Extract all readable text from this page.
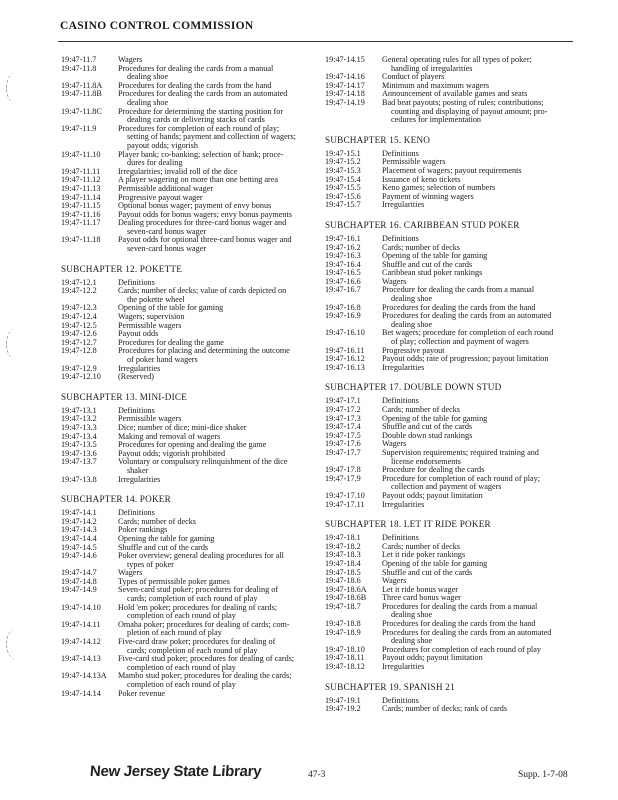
CASINO CONTROL COMMISSION
19:47-11.7	Wagers
19:47-11.8	Procedures for dealing the cards from a manual
dealing shoe
19:47-11.8A	Procedures for dealing the cards from the hand
19:47-11.8B	Procedures for dealing the cards from an automated
dealing shoe
19:47-11.8C	Procedure for determining the starting position for
dealing cards or delivering stacks of cards
19:47-11.9	Procedures for completion of each round of play;
setting of hands; payment and collection of wagers;
payout odds; vigorish
19:47-11.10	Player bank; co-banking; selection of bank; proce-
dures for dealing
19:47-11.11	Irregularities; invalid roll of the dice
19:47-11.12	A player wagering on more than one betting area
19:47-11.13	Permissible additional wager
19:47-11.14	Progressive payout wager
19:47-11.15	Optional bonus wager; payment of envy bonus
19:47-11.16	Payout odds for bonus wagers; envy bonus payments
19:47-11.17	Dealing procedures for three-card bonus wager and
seven-card bonus wager
19:47-11.18	Payout odds for optional three-card bonus wager and
seven-card bonus wager
SUBCHAPTER 12. POKETTE
19:47-12.1	Definitions
19:47-12.2	Cards; number of decks; value of cards depicted on
the pokette wheel
19:47-12.3	Opening of the table for gaming
19:47-12.4	Wagers; supervision
19:47-12.5	Permissible wagers
19:47-12.6	Payout odds
19:47-12.7	Procedures for dealing the game
19:47-12.8	Procedures for placing and determining the outcome
of poker hand wagers
19:47-12.9	Irregularities
19:47-12.10	(Reserved)
SUBCHAPTER 13. MINI-DICE
19:47-13.1	Definitions
19:47-13.2	Permissible wagers
19:47-13.3	Dice; number of dice; mini-dice shaker
19:47-13.4	Making and removal of wagers
19:47-13.5	Procedures for opening and dealing the game
19:47-13.6	Payout odds; vigorish prohibited
19:47-13.7	Voluntary or compulsory relinquishment of the dice
shaker
19:47-13.8	Irregularities
SUBCHAPTER 14. POKER
19:47-14.1	Definitions
19:47-14.2	Cards; number of decks
19:47-14.3	Poker rankings
19:47-14.4	Opening the table for gaming
19:47-14.5	Shuffle and cut of the cards
19:47-14.6	Poker overview; general dealing procedures for all
types of poker
19:47-14.7	Wagers
19:47-14.8	Types of permissible poker games
19:47-14.9	Seven-card stud poker; procedures for dealing of
cards; completion of each round of play
19:47-14.10	Hold 'em poker; procedures for dealing of cards;
completion of each round of play
19:47-14.11	Omaha poker; procedures for dealing of cards; com-
pletion of each round of play
19:47-14.12	Five-card draw poker; procedures for dealing of
cards; completion of each round of play
19:47-14.13	Five-card stud poker; procedures for dealing of cards;
completion of each round of play
19:47-14.13A	Mambo stud poker; procedures for dealing the cards;
completion of each round of play
19:47-14.14	Poker revenue
19:47-14.15	General operating rules for all types of poker;
handling of irregularities
19:47-14.16	Conduct of players
19:47-14.17	Minimum and maximum wagers
19:47-14.18	Announcement of available games and seats
19:47-14.19	Bad beat payouts; posting of rules; contributions;
counting and displaying of payout amount; pro-
cedures for implementation
SUBCHAPTER 15. KENO
19:47-15.1	Definitions
19:47-15.2	Permissible wagers
19:47-15.3	Placement of wagers; payout requirements
19:47-15.4	Issuance of keno tickets
19:47-15.5	Keno games; selection of numbers
19:47-15.6	Payment of winning wagers
19:47-15.7	Irregularities
SUBCHAPTER 16. CARIBBEAN STUD POKER
19:47-16.1	Definitions
19:47-16.2	Cards; number of decks
19:47-16.3	Opening of the table for gaming
19:47-16.4	Shuffle and cut of the cards
19:47-16.5	Caribbean stud poker rankings
19:47-16.6	Wagers
19:47-16.7	Procedure for dealing the cards from a manual
dealing shoe
19:47-16.8	Procedures for dealing the cards from the hand
19:47-16.9	Procedures for dealing the cards from an automated
dealing shoe
19:47-16.10	Bet wagers; procedure for completion of each round
of play; collection and payment of wagers
19:47-16.11	Progressive payout
19:47-16.12	Payout odds; rate of progression; payout limitation
19:47-16.13	Irregularities
SUBCHAPTER 17. DOUBLE DOWN STUD
19:47-17.1	Definitions
19:47-17.2	Cards; number of decks
19:47-17.3	Opening of the table for gaming
19:47-17.4	Shuffle and cut of the cards
19:47-17.5	Double down stud rankings
19:47-17.6	Wagers
19:47-17.7	Supervision requirements; required training and
license endorsements
19:47-17.8	Procedure for dealing the cards
19:47-17.9	Procedure for completion of each round of play;
collection and payment of wagers
19:47-17.10	Payout odds; payout limitation
19:47-17.11	Irregularities
SUBCHAPTER 18. LET IT RIDE POKER
19:47-18.1	Definitions
19:47-18.2	Cards; number of decks
19:47-18.3	Let it ride poker rankings
19:47-18.4	Opening of the table for gaming
19:47-18.5	Shuffle and cut of the cards
19:47-18.6	Wagers
19:47-18.6A	Let it ride bonus wager
19:47-18.6B	Three card bonus wager
19:47-18.7	Procedures for dealing the cards from a manual
dealing shoe
19:47-18.8	Procedures for dealing the cards from the hand
19:47-18.9	Procedures for dealing the cards from an automated
dealing shoe
19:47-18.10	Procedures for completion of each round of play
19:47-18.11	Payout odds; payout limitation
19:47-18.12	Irregularities
SUBCHAPTER 19. SPANISH 21
19:47-19.1	Definitions
19:47-19.2	Cards; number of decks; rank of cards
New Jersey State Library	47-3	Supp. 1-7-08
